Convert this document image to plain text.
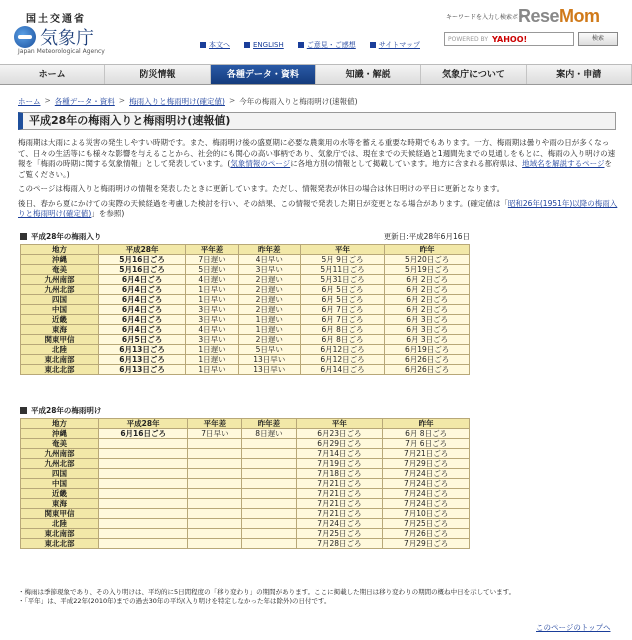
国土交通省
気象庁
Japan Meteorological Agency
本文へ	ENGLISH	ご意見・ご感想	サイトマップ
キーワードを入力し検索ボタ
POWERED BY YAHOO!	検索
ReseMom
ホーム	防災情報	各種データ・資料	知識・解説	気象庁について	案内・申請
ホーム > 各種データ・資料 > 梅雨入りと梅雨明け(確定値) > 今年の梅雨入りと梅雨明け(速報値)
平成28年の梅雨入りと梅雨明け(速報値)

梅雨期は大雨による災害の発生しやすい時期です。また、梅雨明け後の盛夏期に必要な農業用の水等を蓄える重要な時期でもあります。一方、梅雨期は曇りや雨の日が多くなって、日々の生活等にも様々な影響を与えることから、社会的にも関心の高い事柄であり、気象庁では、現在までの天候経過と1週間先までの見通しをもとに、梅雨の入り明けの速報を「梅雨の時期に関する気象情報」として発表しています。(気象情報のページに各地方別の情報として掲載しています。地方に含まれる都府県は、地域名を解説するページをご覧ください。)

このページは梅雨入りと梅雨明けの情報を発表したときに更新しています。ただし、情報発表が休日の場合は休日明けの平日に更新となります。

後日、春から夏にかけての実際の天候経過を考慮した検討を行い、その結果、この情報で発表した期日が変更となる場合があります。(確定値は「昭和26年(1951年)以降の梅雨入りと梅雨明け(確定値)」を参照)

平成28年の梅雨入り	更新日:平成28年6月16日
地方	平成28年	平年差	昨年差	平年	昨年
沖縄	5月16日ごろ	7日遅い	4日早い	5月 9日ごろ	5月20日ごろ
奄美	5月16日ごろ	5日遅い	3日早い	5月11日ごろ	5月19日ごろ
九州南部	6月4日ごろ	4日遅い	2日遅い	5月31日ごろ	6月 2日ごろ
九州北部	6月4日ごろ	1日早い	2日遅い	6月 5日ごろ	6月 2日ごろ
四国	6月4日ごろ	1日早い	2日遅い	6月 5日ごろ	6月 2日ごろ
中国	6月4日ごろ	3日早い	2日遅い	6月 7日ごろ	6月 2日ごろ
近畿	6月4日ごろ	3日早い	1日遅い	6月 7日ごろ	6月 3日ごろ
東海	6月4日ごろ	4日早い	1日遅い	6月 8日ごろ	6月 3日ごろ
関東甲信	6月5日ごろ	3日早い	2日遅い	6月 8日ごろ	6月 3日ごろ
北陸	6月13日ごろ	1日遅い	5日早い	6月12日ごろ	6月19日ごろ
東北南部	6月13日ごろ	1日遅い	13日早い	6月12日ごろ	6月26日ごろ
東北北部	6月13日ごろ	1日早い	13日早い	6月14日ごろ	6月26日ごろ
平成28年の梅雨明け
地方	平成28年	平年差	昨年差	平年	昨年
沖縄	6月16日ごろ	7日早い	8日遅い	6月23日ごろ	6月 8日ごろ
奄美				6月29日ごろ	7月 6日ごろ
九州南部				7月14日ごろ	7月21日ごろ
九州北部				7月19日ごろ	7月29日ごろ
四国				7月18日ごろ	7月24日ごろ
中国				7月21日ごろ	7月24日ごろ
近畿				7月21日ごろ	7月24日ごろ
東海				7月21日ごろ	7月24日ごろ
関東甲信				7月21日ごろ	7月10日ごろ
北陸				7月24日ごろ	7月25日ごろ
東北南部				7月25日ごろ	7月26日ごろ
東北北部				7月28日ごろ	7月29日ごろ
・梅雨は季節現象であり、その入り明けは、平均的に5日間程度の「移り変わり」の期間があります。ここに掲載した期日は移り変わりの期間の概ね中日を示しています。
・「平年」は、平成22年(2010年)までの過去30年の平均(入り明けを特定しなかった年は除外)の日付です。
このページのトップへ
